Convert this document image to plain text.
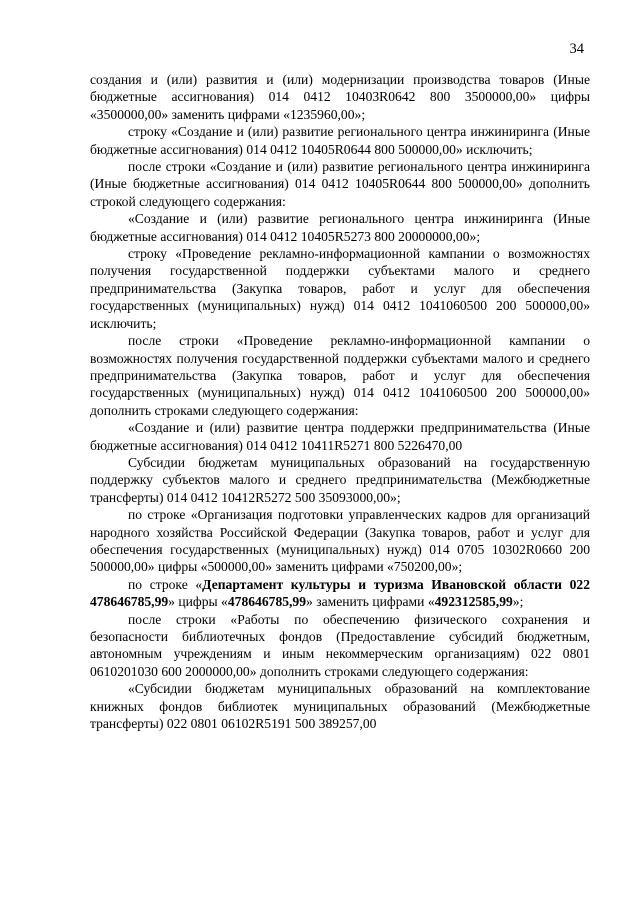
34

создания и (или) развития и (или) модернизации производства товаров (Иные бюджетные ассигнования) 014 0412 10403R0642 800 3500000,00» цифры «3500000,00» заменить цифрами «1235960,00»;

строку «Создание и (или) развитие регионального центра инжиниринга (Иные бюджетные ассигнования) 014 0412 10405R0644 800 500000,00» исключить;

после строки «Создание и (или) развитие регионального центра инжиниринга (Иные бюджетные ассигнования) 014 0412 10405R0644 800 500000,00» дополнить строкой следующего содержания:

«Создание и (или) развитие регионального центра инжиниринга (Иные бюджетные ассигнования) 014 0412 10405R5273 800 20000000,00»;

строку «Проведение рекламно-информационной кампании о возможностях получения государственной поддержки субъектами малого и среднего предпринимательства (Закупка товаров, работ и услуг для обеспечения государственных (муниципальных) нужд) 014 0412 1041060500 200 500000,00» исключить;

после строки «Проведение рекламно-информационной кампании о возможностях получения государственной поддержки субъектами малого и среднего предпринимательства (Закупка товаров, работ и услуг для обеспечения государственных (муниципальных) нужд) 014 0412 1041060500 200 500000,00» дополнить строками следующего содержания:

«Создание и (или) развитие центра поддержки предпринимательства (Иные бюджетные ассигнования) 014 0412 10411R5271 800 5226470,00

Субсидии бюджетам муниципальных образований на государственную поддержку субъектов малого и среднего предпринимательства (Межбюджетные трансферты) 014 0412 10412R5272 500 35093000,00»;

по строке «Организация подготовки управленческих кадров для организаций народного хозяйства Российской Федерации (Закупка товаров, работ и услуг для обеспечения государственных (муниципальных) нужд) 014 0705 10302R0660 200 500000,00» цифры «500000,00» заменить цифрами «750200,00»;

по строке «Департамент культуры и туризма Ивановской области 022 478646785,99» цифры «478646785,99» заменить цифрами «492312585,99»;

после строки «Работы по обеспечению физического сохранения и безопасности библиотечных фондов (Предоставление субсидий бюджетным, автономным учреждениям и иным некоммерческим организациям) 022 0801 0610201030 600 2000000,00» дополнить строками следующего содержания:

«Субсидии бюджетам муниципальных образований на комплектование книжных фондов библиотек муниципальных образований (Межбюджетные трансферты) 022 0801 06102R5191 500 389257,00
